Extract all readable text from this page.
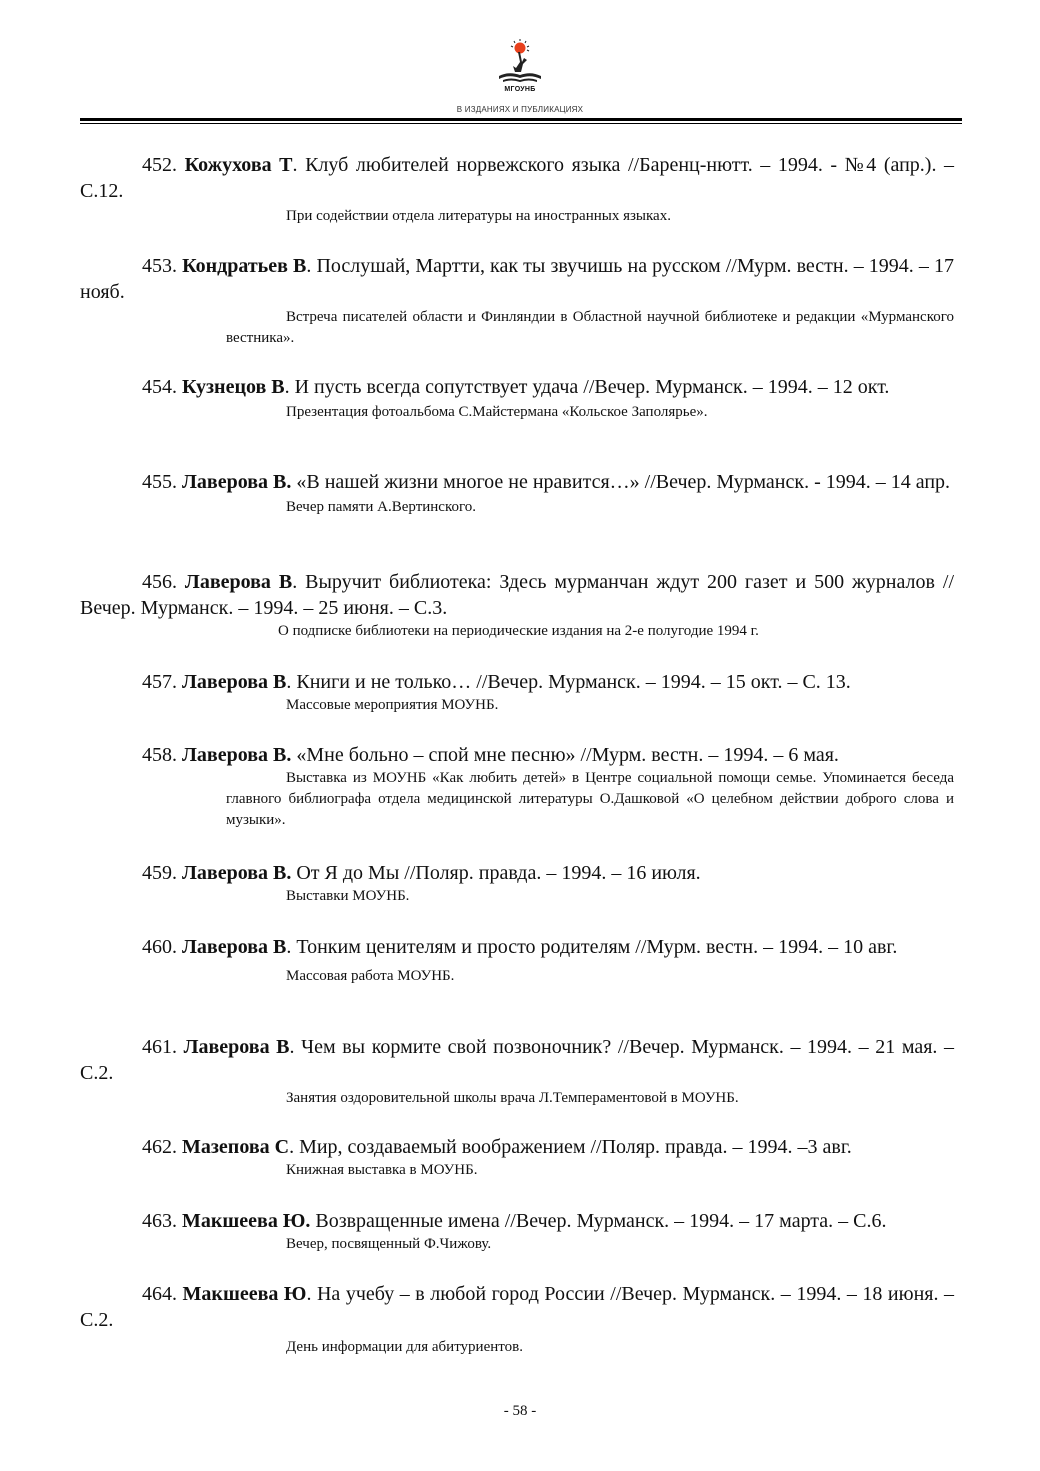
МГОУНБ
В ИЗДАНИЯХ И ПУБЛИКАЦИЯХ

452. Кожухова Т. Клуб любителей норвежского языка //Баренц-нютт. – 1994. - №4 (апр.). – С.12.

При содействии отдела литературы на иностранных языках.

453. Кондратьев В. Послушай, Мартти, как ты звучишь на русском //Мурм. вестн. – 1994. – 17 нояб.

Встреча писателей области и Финляндии в Областной научной библиотеке и редакции «Мурманского вестника».

454. Кузнецов В. И пусть всегда сопутствует удача //Вечер. Мурманск. – 1994. – 12 окт.

Презентация фотоальбома С.Майстермана «Кольское Заполярье».

455. Лаверова В. «В нашей жизни многое не нравится…» //Вечер. Мурманск. - 1994. – 14 апр.

Вечер памяти А.Вертинского.

456. Лаверова В. Выручит библиотека: Здесь мурманчан ждут 200 газет и 500 журналов //Вечер. Мурманск. – 1994. – 25 июня. – С.3.

О подписке библиотеки на периодические издания на 2-е полугодие 1994 г.

457. Лаверова В. Книги и не только… //Вечер. Мурманск. – 1994. – 15 окт. – С. 13.

Массовые мероприятия МОУНБ.

458. Лаверова В. «Мне больно – спой мне песню» //Мурм. вестн. – 1994. – 6 мая.

Выставка из МОУНБ «Как любить детей» в Центре социальной помощи семье. Упоминается беседа главного библиографа отдела медицинской литературы О.Дашковой «О целебном действии доброго слова и музыки».

459. Лаверова В. От Я до Мы //Поляр. правда. – 1994. – 16 июля.

Выставки МОУНБ.

460. Лаверова В. Тонким ценителям и просто родителям //Мурм. вестн. – 1994. – 10 авг.

Массовая работа МОУНБ.

461. Лаверова В. Чем вы кормите свой позвоночник? //Вечер. Мурманск. – 1994. – 21 мая. – С.2.

Занятия оздоровительной школы врача Л.Темпераментовой в МОУНБ.

462. Мазепова С. Мир, создаваемый воображением //Поляр. правда. – 1994. –3 авг.

Книжная выставка в МОУНБ.

463. Макшеева Ю. Возвращенные имена //Вечер. Мурманск. – 1994. – 17 марта. – С.6.

Вечер, посвященный Ф.Чижову.

464. Макшеева Ю. На учебу – в любой город России //Вечер. Мурманск. – 1994. – 18 июня. – С.2.

День информации для абитуриентов.

- 58 -
